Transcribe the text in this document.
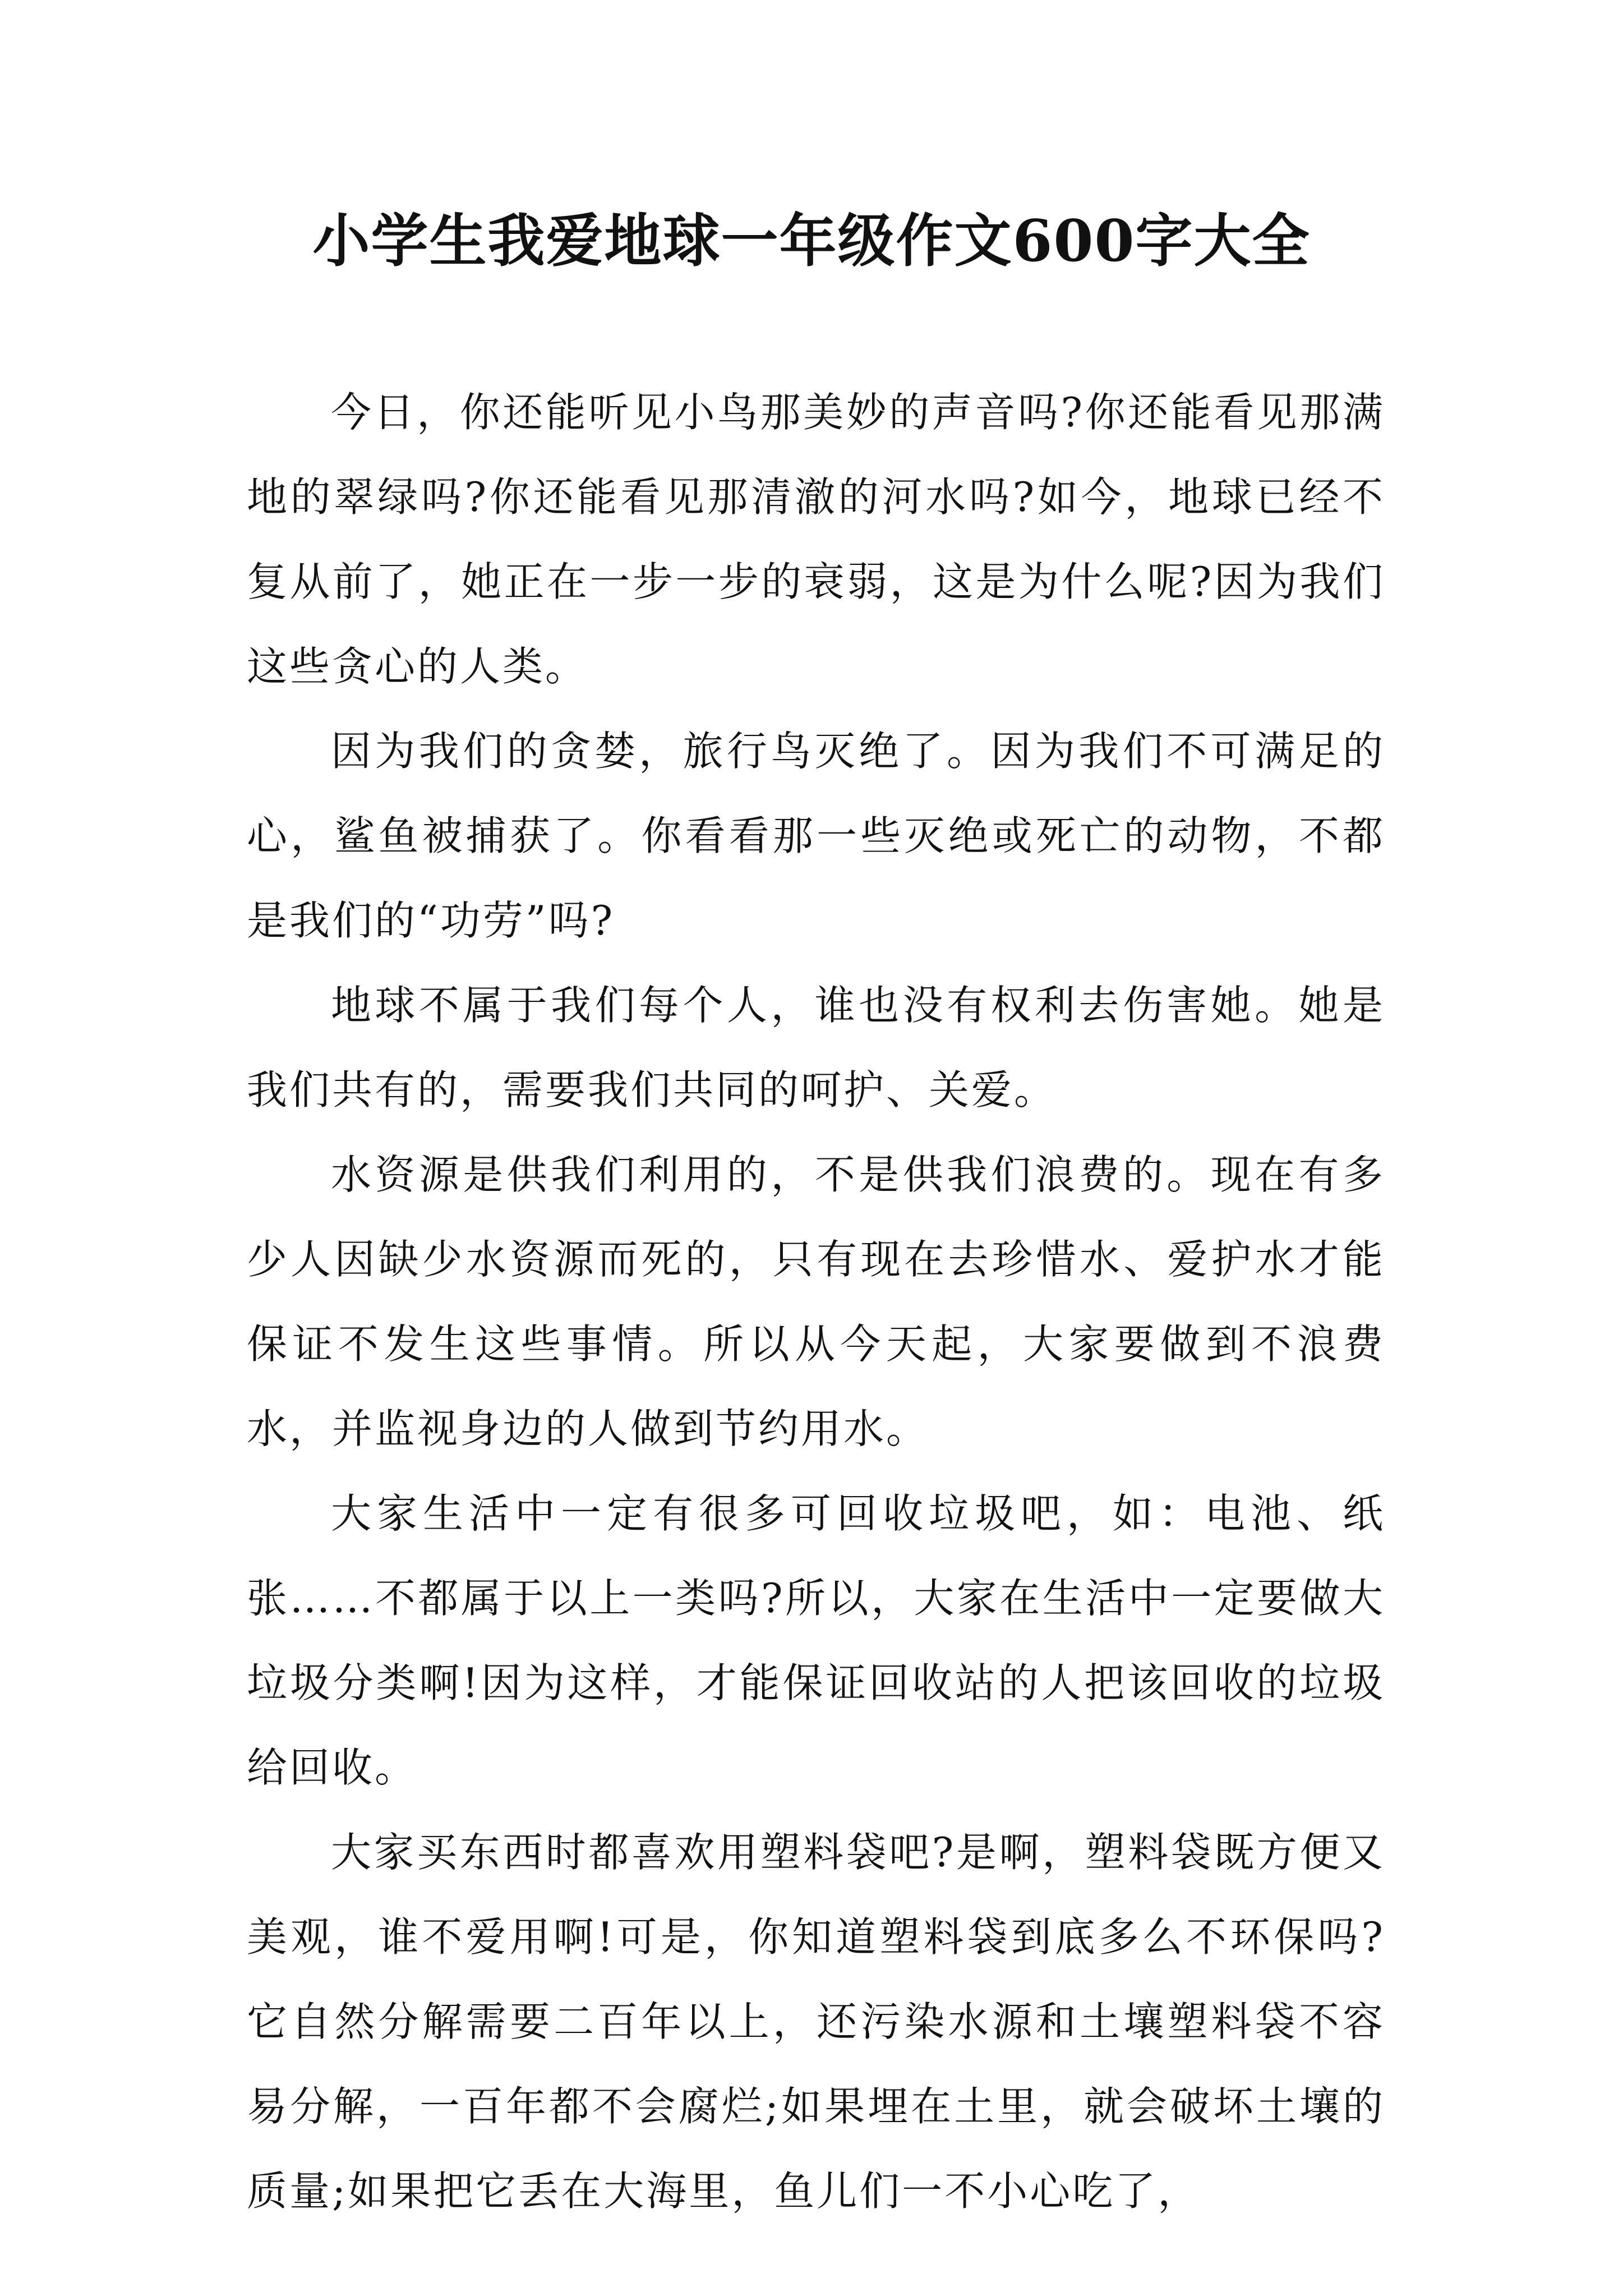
小学生我爱地球一年级作文600字大全

今日，你还能听见小鸟那美妙的声音吗?你还能看见那满地的翠绿吗?你还能看见那清澈的河水吗?如今，地球已经不复从前了，她正在一步一步的衰弱，这是为什么呢?因为我们这些贪心的人类。

因为我们的贪婪，旅行鸟灭绝了。因为我们不可满足的心，鲨鱼被捕获了。你看看那一些灭绝或死亡的动物，不都是我们的“功劳”吗?

地球不属于我们每个人，谁也没有权利去伤害她。她是我们共有的，需要我们共同的呵护、关爱。

水资源是供我们利用的，不是供我们浪费的。现在有多少人因缺少水资源而死的，只有现在去珍惜水、爱护水才能保证不发生这些事情。所以从今天起，大家要做到不浪费水，并监视身边的人做到节约用水。

大家生活中一定有很多可回收垃圾吧，如：电池、纸张……不都属于以上一类吗?所以，大家在生活中一定要做大垃圾分类啊!因为这样，才能保证回收站的人把该回收的垃圾给回收。

大家买东西时都喜欢用塑料袋吧?是啊，塑料袋既方便又美观，谁不爱用啊!可是，你知道塑料袋到底多么不环保吗?它自然分解需要二百年以上，还污染水源和土壤塑料袋不容易分解，一百年都不会腐烂;如果埋在土里，就会破坏土壤的质量;如果把它丢在大海里，鱼儿们一不小心吃了，
